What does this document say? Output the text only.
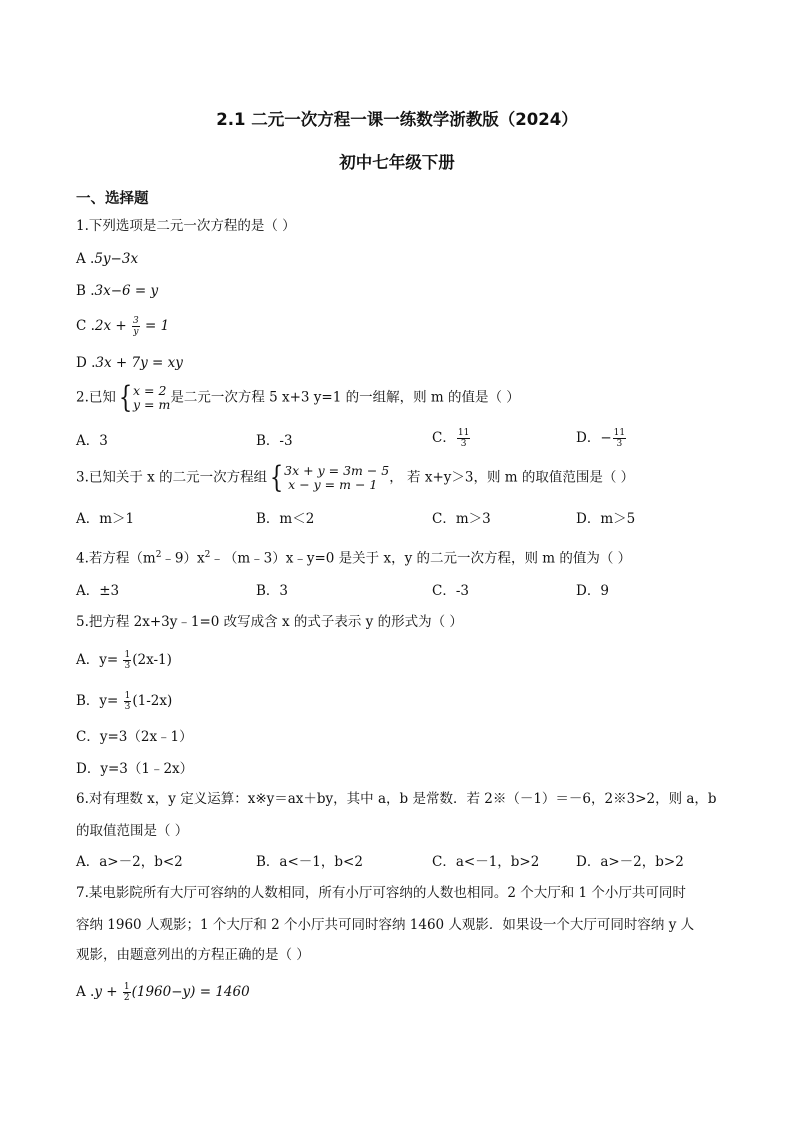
2.1 二元一次方程一课一练数学浙教版（2024）
初中七年级下册
一、选择题
1.下列选项是二元一次方程的是（ ）
A .5y−3x
B .3x−6 = y
C $.2x + \frac{3}{y} = 1$
D .3x + 7y = xy
2.已知{ x = 2
y = m 是二元一次方程 5 x+3 y=1 的一组解，则 m 的值是（ ）
A．3	B．-3	C． $\frac{11}{3}$	D．− $\frac{11}{3}$
3.已知关于 x 的二元一次方程组{ 3x + y = 3m − 5
x − y = m − 1 ， 若 x+y＞3，则 m 的取值范围是（ ）
A．m＞1	B．m＜2	C．m＞3	D．m＞5
4.若方程$(m^2﹣9)x^2﹣(m﹣3)x﹣y=0$ 是关于 x，y 的二元一次方程，则 m 的值为（ ）
A．±3	B．3	C．-3	D．9
5.把方程 2x+3y﹣1=0 改写成含 x 的式子表示 y 的形式为（ ）
A．$y= \frac{1}{3} (2x-1)$
B．$y= \frac{1}{3} (1-2x)$
C．y=3（2x﹣1）
D．y=3（1﹣2x）
6.对有理数 x，y 定义运算：x※y＝ax＋by，其中 a，b 是常数．若 2※（－1）＝－6，2※3>2，则 a，b
的取值范围是（ ）
A．a>－2，b<2	B．a<－1，b<2	C．a<－1，b>2	D．a>－2，b>2
7.某电影院所有大厅可容纳的人数相同，所有小厅可容纳的人数也相同。2 个大厅和 1 个小厅共可同时
容纳 1960 人观影；1 个大厅和 2 个小厅共可同时容纳 1460 人观影．如果设一个大厅可同时容纳 y 人
观影，由题意列出的方程正确的是（ ）
A $.y + \frac{1}{2} (1960-y) = 1460$
